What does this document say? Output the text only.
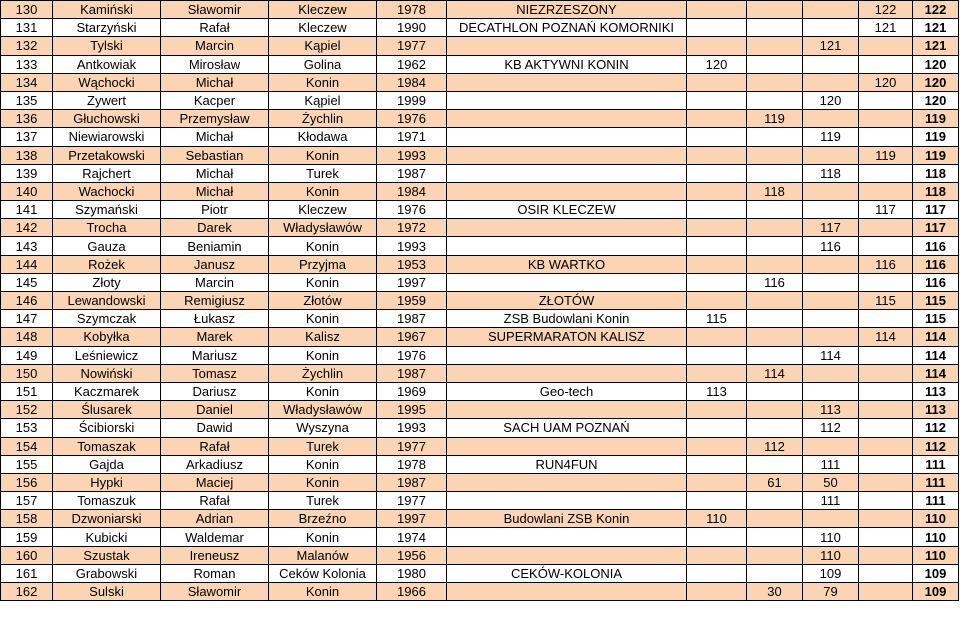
130	Kamiński	Sławomir	Kleczew	1978	NIEZRZESZONY				122	122
131	Starzyński	Rafał	Kleczew	1990	DECATHLON POZNAŃ KOMORNIKI				121	121
132	Tylski	Marcin	Kąpiel	1977				121		121
133	Antkowiak	Mirosław	Golina	1962	KB AKTYWNI KONIN	120				120
134	Wąchocki	Michał	Konin	1984					120	120
135	Zywert	Kacper	Kąpiel	1999				120		120
136	Głuchowski	Przemysław	Żychlin	1976			119			119
137	Niewiarowski	Michał	Kłodawa	1971				119		119
138	Przetakowski	Sebastian	Konin	1993					119	119
139	Rajchert	Michał	Turek	1987				118		118
140	Wachocki	Michał	Konin	1984			118			118
141	Szymański	Piotr	Kleczew	1976	OSIR KLECZEW				117	117
142	Trocha	Darek	Władysławów	1972				117		117
143	Gauza	Beniamin	Konin	1993				116		116
144	Rożek	Janusz	Przyjma	1953	KB WARTKO				116	116
145	Złoty	Marcin	Konin	1997			116			116
146	Lewandowski	Remigiusz	Złotów	1959	ZŁOTÓW				115	115
147	Szymczak	Łukasz	Konin	1987	ZSB Budowlani Konin	115				115
148	Kobyłka	Marek	Kalisz	1967	SUPERMARATON KALISZ				114	114
149	Leśniewicz	Mariusz	Konin	1976				114		114
150	Nowiński	Tomasz	Żychlin	1987			114			114
151	Kaczmarek	Dariusz	Konin	1969	Geo-tech	113				113
152	Ślusarek	Daniel	Władysławów	1995				113		113
153	Ścibiorski	Dawid	Wyszyna	1993	SACH UAM POZNAŃ			112		112
154	Tomaszak	Rafał	Turek	1977			112			112
155	Gajda	Arkadiusz	Konin	1978	RUN4FUN			111		111
156	Hypki	Maciej	Konin	1987			61	50		111
157	Tomaszuk	Rafał	Turek	1977				111		111
158	Dzwoniarski	Adrian	Brzeźno	1997	Budowlani ZSB Konin	110				110
159	Kubicki	Waldemar	Konin	1974				110		110
160	Szustak	Ireneusz	Malanów	1956				110		110
161	Grabowski	Roman	Ceków Kolonia	1980	CEKÓW-KOLONIA			109		109
162	Sulski	Sławomir	Konin	1966			30	79		109
